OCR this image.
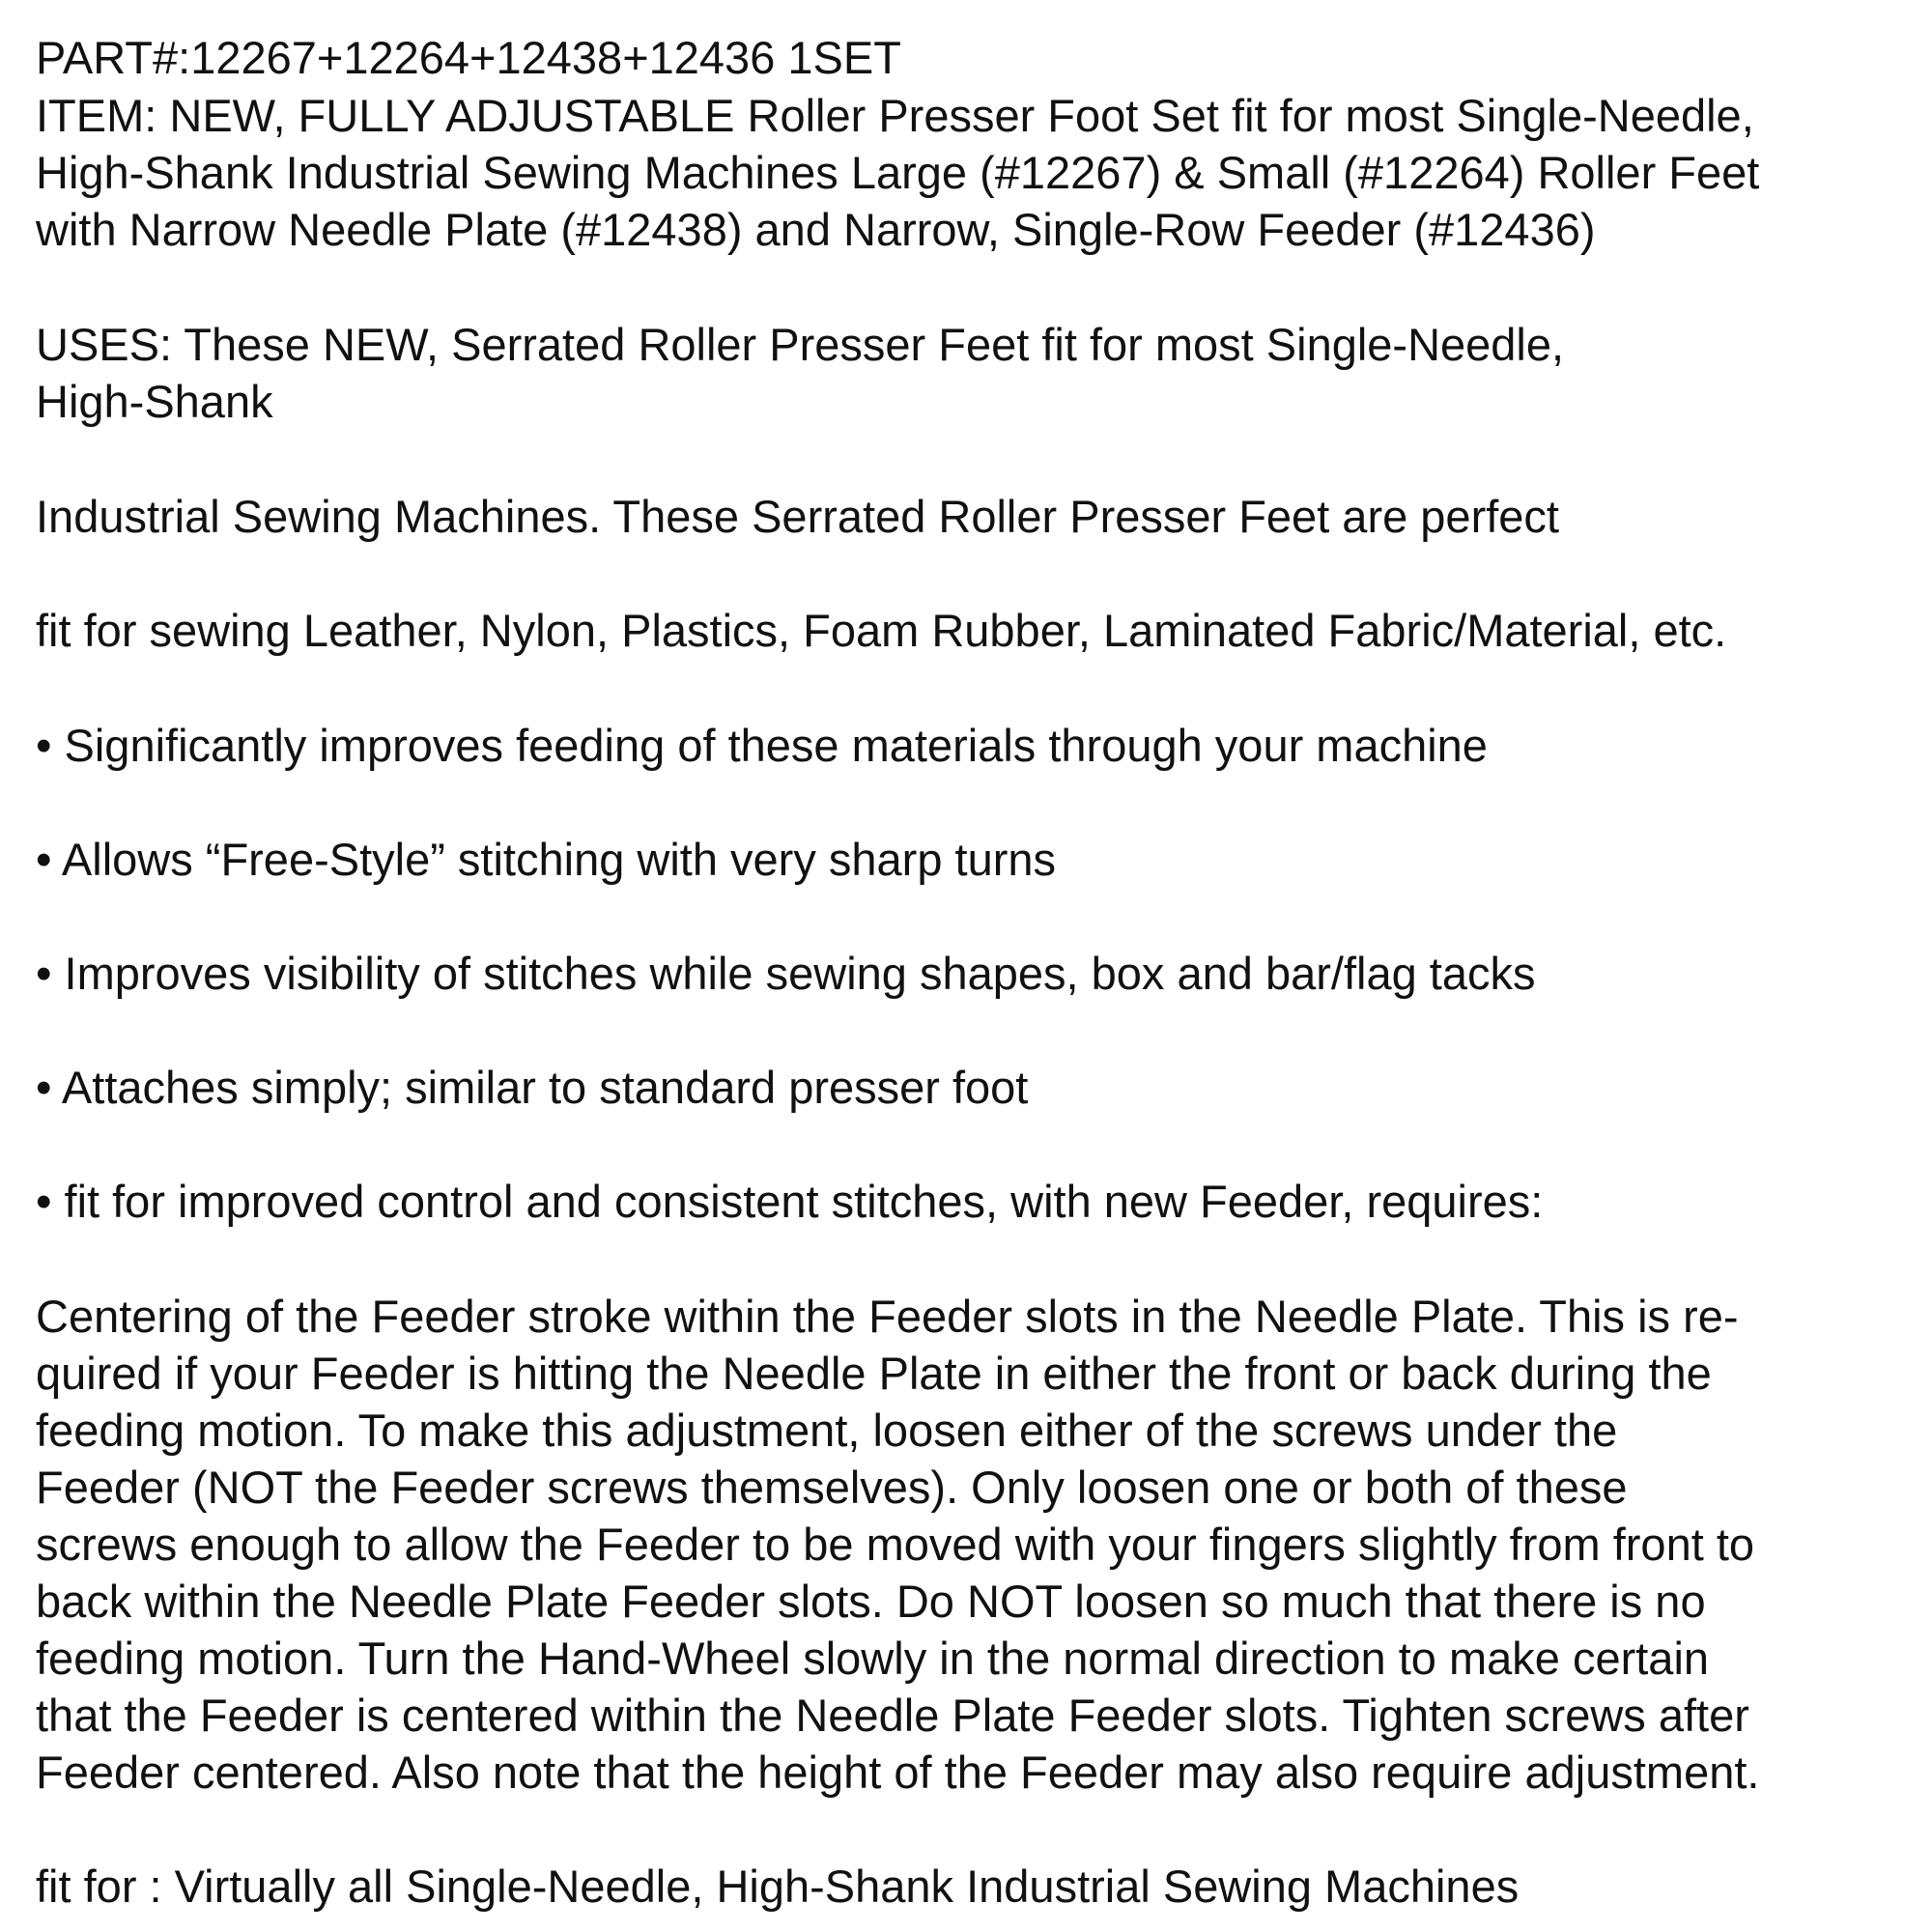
PART#:12267+12264+12438+12436 1SET
ITEM: NEW, FULLY ADJUSTABLE Roller Presser Foot Set fit for most Single-Needle,
High-Shank Industrial Sewing Machines Large (#12267) & Small (#12264) Roller Feet
with Narrow Needle Plate (#12438) and Narrow, Single-Row Feeder (#12436)
USES: These NEW, Serrated Roller Presser Feet fit for most Single-Needle,
High-Shank
Industrial Sewing Machines. These Serrated Roller Presser Feet are perfect
fit for sewing Leather, Nylon, Plastics, Foam Rubber, Laminated Fabric/Material, etc.
• Significantly improves feeding of these materials through your machine
• Allows “Free-Style” stitching with very sharp turns
• Improves visibility of stitches while sewing shapes, box and bar/flag tacks
• Attaches simply; similar to standard presser foot
• fit for improved control and consistent stitches, with new Feeder, requires:
Centering of the Feeder stroke within the Feeder slots in the Needle Plate. This is re-
quired if your Feeder is hitting the Needle Plate in either the front or back during the
feeding motion. To make this adjustment, loosen either of the screws under the
Feeder (NOT the Feeder screws themselves). Only loosen one or both of these
screws enough to allow the Feeder to be moved with your fingers slightly from front to
back within the Needle Plate Feeder slots. Do NOT loosen so much that there is no
feeding motion. Turn the Hand-Wheel slowly in the normal direction to make certain
that the Feeder is centered within the Needle Plate Feeder slots. Tighten screws after
Feeder centered. Also note that the height of the Feeder may also require adjustment.
fit for : Virtually all Single-Needle, High-Shank Industrial Sewing Machines
